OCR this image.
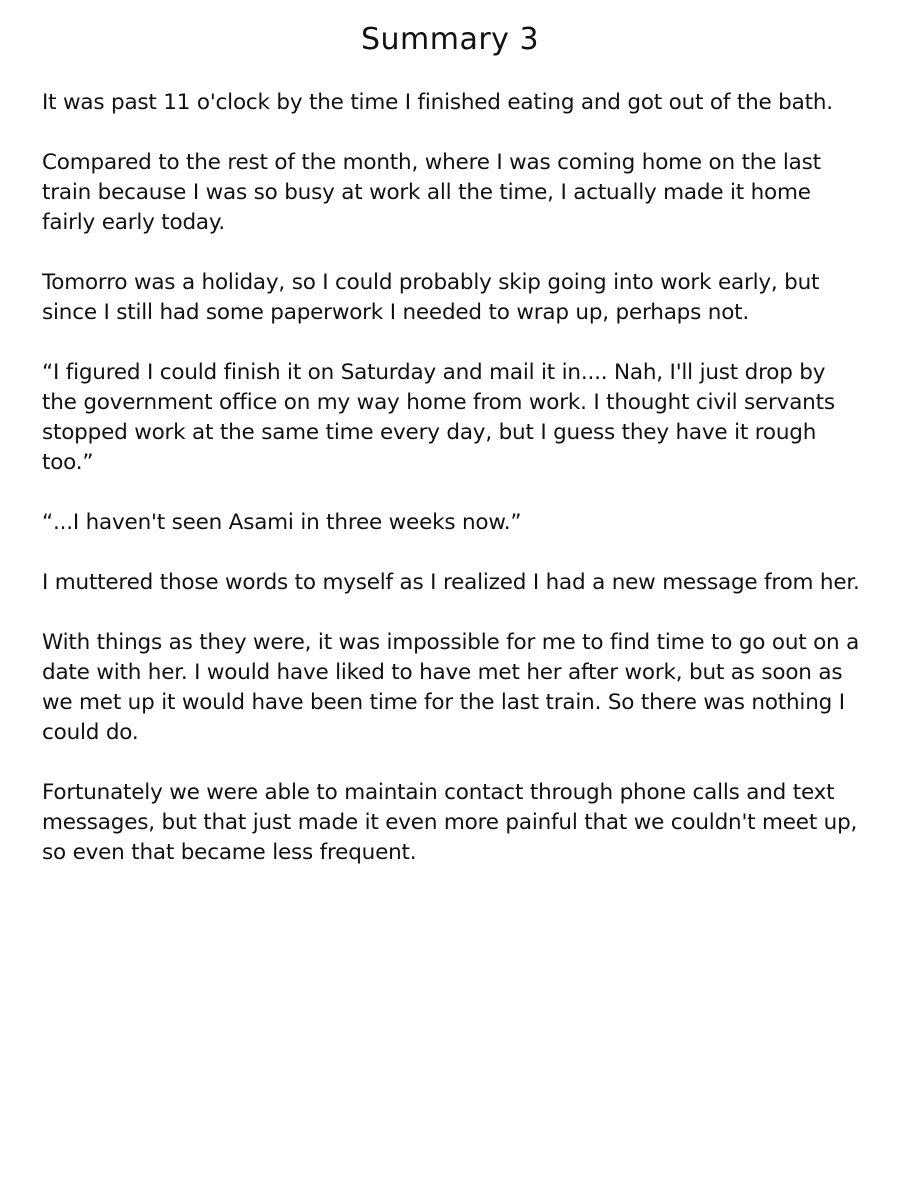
Summary 3

It was past 11 o'clock by the time I finished eating and got out of the bath.

Compared to the rest of the month, where I was coming home on the last train because I was so busy at work all the time, I actually made it home fairly early today.

Tomorro was a holiday, so I could probably skip going into work early, but since I still had some paperwork I needed to wrap up, perhaps not.

“I figured I could finish it on Saturday and mail it in.... Nah, I'll just drop by the government office on my way home from work. I thought civil servants stopped work at the same time every day, but I guess they have it rough too.”

“...I haven't seen Asami in three weeks now.”

I muttered those words to myself as I realized I had a new message from her.

With things as they were, it was impossible for me to find time to go out on a date with her. I would have liked to have met her after work, but as soon as we met up it would have been time for the last train. So there was nothing I could do.

Fortunately we were able to maintain contact through phone calls and text messages, but that just made it even more painful that we couldn't meet up, so even that became less frequent.
